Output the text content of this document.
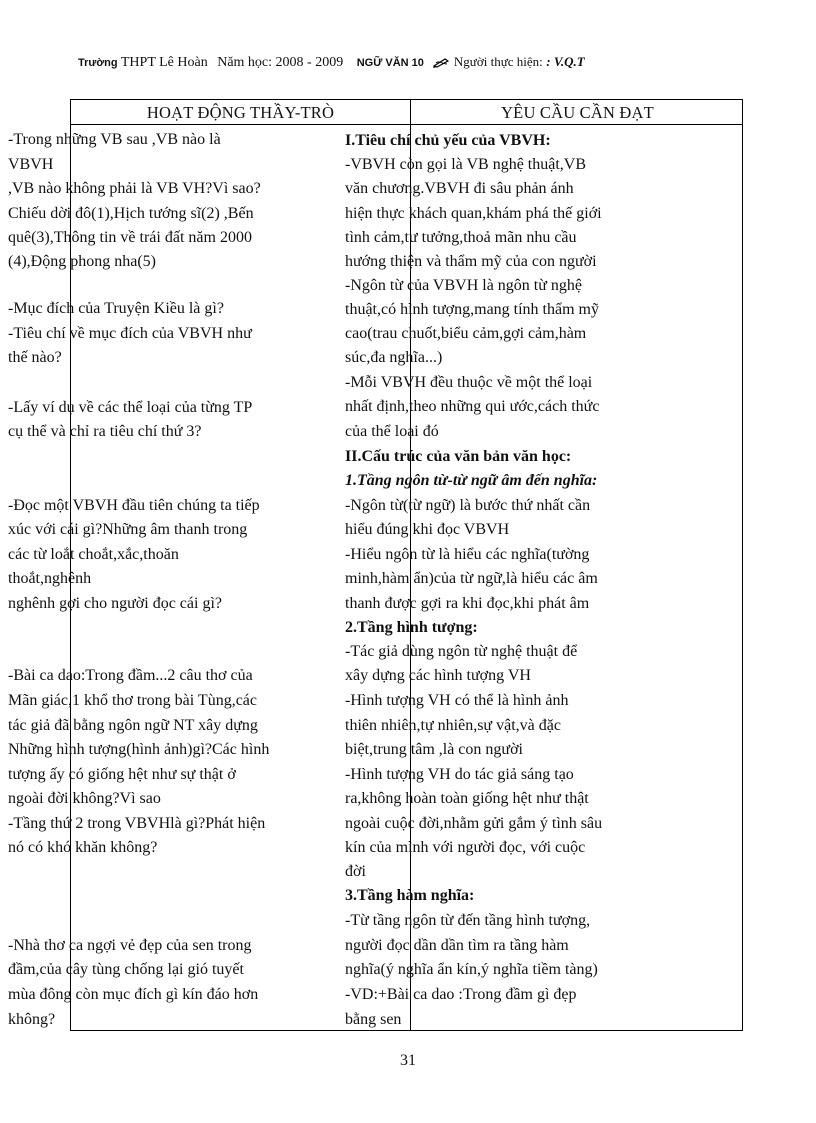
Trường THPT Lê Hoàn Năm học: 2008 - 2009 NGỮ VĂN 10 Người thực hiện: : V.Q.T
HOẠT ĐỘNG THẦY-TRÒ	YÊU CẦU CẦN ĐẠT
-Trong những VB sau ,VB nào là
VBVH
,VB nào không phải là VB VH?Vì sao?
Chiếu dời đô(1),Hịch tướng sĩ(2) ,Bến
quê(3),Thông tin về trái đất năm 2000
(4),Động phong nha(5)
-Mục đích của Truyện Kiều là gì?
-Tiêu chí về mục đích của VBVH như
thế nào?
-Lấy ví dụ về các thể loại của từng TP
cụ thể và chỉ ra tiêu chí thứ 3?
-Đọc một VBVH đầu tiên chúng ta tiếp
xúc với cái gì?Những âm thanh trong
các từ loắt choắt,xắc,thoăn
thoắt,nghênh
nghênh gợi cho người đọc cái gì?
-Bài ca dao:Trong đầm...2 câu thơ của
Mãn giác,1 khổ thơ trong bài Tùng,các
tác giả đã bằng ngôn ngữ NT xây dựng
Những hình tượng(hình ảnh)gì?Các hình
tượng ấy có giống hệt như sự thật ở
ngoài đời không?Vì sao
-Tầng thứ 2 trong VBVHlà gì?Phát hiện
nó có khó khăn không?
-Nhà thơ ca ngợi vẻ đẹp của sen trong
đầm,của cây tùng chống lại gió tuyết
mùa đông còn mục đích gì kín đáo hơn
không?
I.Tiêu chí chủ yếu của VBVH:
-VBVH còn gọi là VB nghệ thuật,VB
văn chương.VBVH đi sâu phản ánh
hiện thực khách quan,khám phá thế giới
tình cảm,tư tưởng,thoả mãn nhu cầu
hướng thiện và thẩm mỹ của con người
-Ngôn từ của VBVH là ngôn từ nghệ
thuật,có hình tượng,mang tính thẩm mỹ
cao(trau chuốt,biểu cảm,gợi cảm,hàm
súc,đa nghĩa...)
-Mỗi VBVH đều thuộc về một thể loại
nhất định,theo những qui ước,cách thức
của thể loại đó
II.Cấu trúc của văn bản văn học:
1.Tầng ngôn từ-từ ngữ âm đến nghĩa:
-Ngôn từ(từ ngữ) là bước thứ nhất cần
hiểu đúng khi đọc VBVH
-Hiểu ngôn từ là hiểu các nghĩa(tường
minh,hàm ẩn)của từ ngữ,là hiểu các âm
thanh được gợi ra khi đọc,khi phát âm
2.Tầng hình tượng:
-Tác giả dùng ngôn từ nghệ thuật để
xây dựng các hình tượng VH
-Hình tượng VH có thể là hình ảnh
thiên nhiên,tự nhiên,sự vật,và đặc
biệt,trung tâm ,là con người
-Hình tượng VH do tác giả sáng tạo
ra,không hoàn toàn giống hệt như thật
ngoài cuộc đời,nhằm gửi gắm ý tình sâu
kín của mình với người đọc, với cuộc
đời
3.Tầng hàm nghĩa:
-Từ tầng ngôn từ đến tầng hình tượng,
người đọc dần dần tìm ra tầng hàm
nghĩa(ý nghĩa ẩn kín,ý nghĩa tiềm tàng)
-VD:+Bài ca dao :Trong đầm gì đẹp
bằng sen
31
